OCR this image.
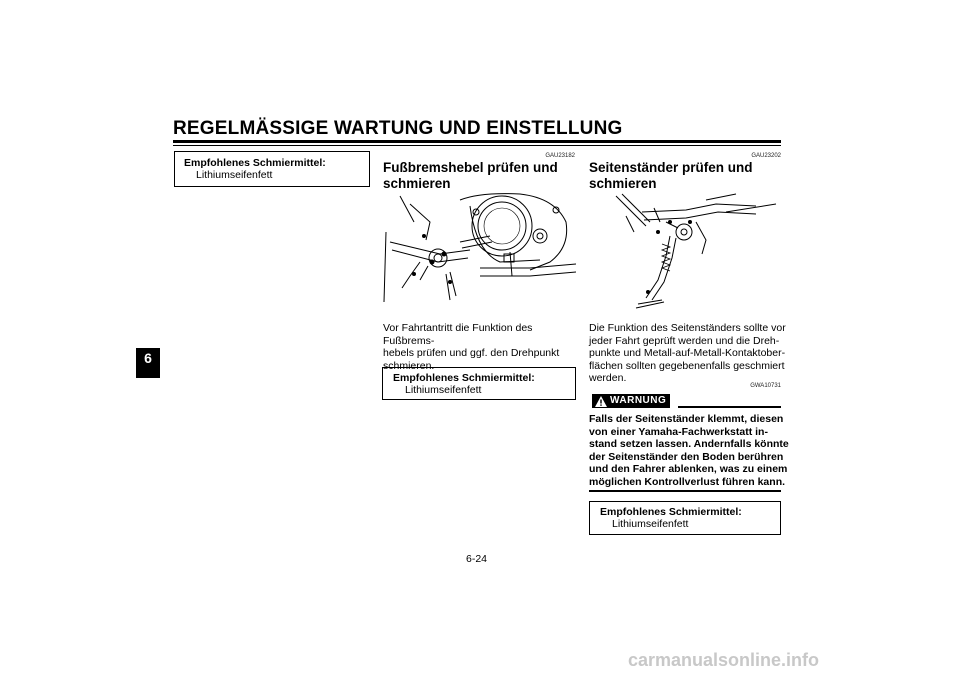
REGELMÄSSIGE WARTUNG UND EINSTELLUNG
6
Empfohlenes Schmiermittel:
Lithiumseifenfett
GAU23182
Fußbremshebel prüfen und
schmieren
Vor Fahrtantritt die Funktion des Fußbrems-
hebels prüfen und ggf. den Drehpunkt
schmieren.
Empfohlenes Schmiermittel:
Lithiumseifenfett
GAU23202
Seitenständer prüfen und
schmieren
Die Funktion des Seitenständers sollte vor
jeder Fahrt geprüft werden und die Dreh-
punkte und Metall-auf-Metall-Kontaktober-
flächen sollten gegebenenfalls geschmiert
werden.
GWA10731
WARNUNG
Falls der Seitenständer klemmt, diesen
von einer Yamaha-Fachwerkstatt in-
stand setzen lassen. Andernfalls könnte
der Seitenständer den Boden berühren
und den Fahrer ablenken, was zu einem
möglichen Kontrollverlust führen kann.
Empfohlenes Schmiermittel:
Lithiumseifenfett
6-24
carmanualsonline.info
